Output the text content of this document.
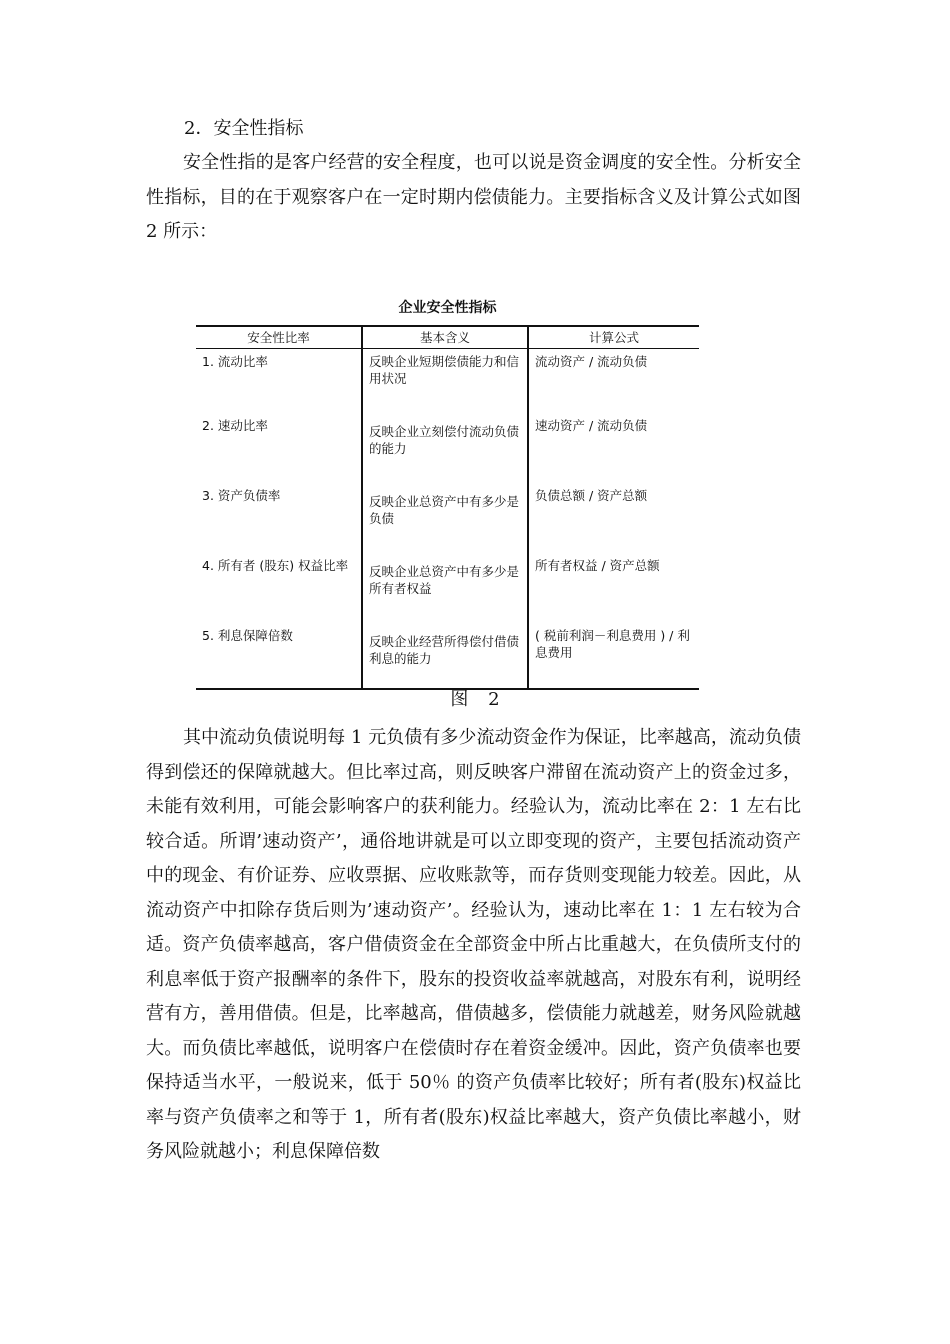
2．安全性指标

安全性指的是客户经营的安全程度，也可以说是资金调度的安全性。分析安全性指标，目的在于观察客户在一定时期内偿债能力。主要指标含义及计算公式如图 2 所示：

企业安全性指标
安全性比率	基本含义	计算公式
1. 流动比率	反映企业短期偿债能力和信用状况	流动资产 / 流动负债
2. 速动比率	反映企业立刻偿付流动负债的能力	速动资产 / 流动负债
3. 资产负债率	反映企业总资产中有多少是负债	负债总额 / 资产总额
4. 所有者 (股东) 权益比率	反映企业总资产中有多少是所有者权益	所有者权益 / 资产总额
5. 利息保障倍数	反映企业经营所得偿付借债利息的能力	( 税前利润－利息费用 ) / 利息费用
图 2

其中流动负债说明每 1 元负债有多少流动资金作为保证，比率越高，流动负债得到偿还的保障就越大。但比率过高，则反映客户滞留在流动资产上的资金过多，未能有效利用，可能会影响客户的获利能力。经验认为，流动比率在 2：1 左右比较合适。所谓’速动资产’，通俗地讲就是可以立即变现的资产，主要包括流动资产中的现金、有价证券、应收票据、应收账款等，而存货则变现能力较差。因此，从流动资产中扣除存货后则为’速动资产’。经验认为，速动比率在 1：1 左右较为合适。资产负债率越高，客户借债资金在全部资金中所占比重越大，在负债所支付的利息率低于资产报酬率的条件下，股东的投资收益率就越高，对股东有利，说明经营有方，善用借债。但是，比率越高，借债越多，偿债能力就越差，财务风险就越大。而负债比率越低，说明客户在偿债时存在着资金缓冲。因此，资产负债率也要保持适当水平，一般说来，低于 50％ 的资产负债率比较好；所有者(股东)权益比率与资产负债率之和等于 1，所有者(股东)权益比率越大，资产负债比率越小，财务风险就越小；利息保障倍数
